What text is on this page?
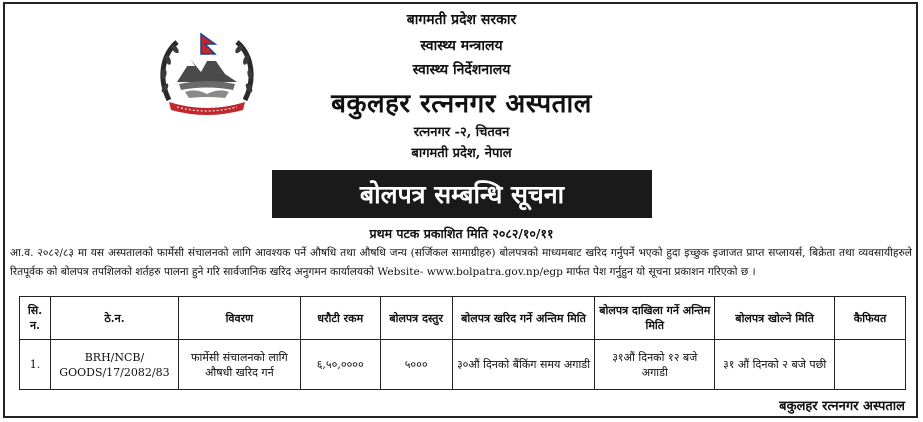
बागमती प्रदेश सरकार
स्वास्थ्य मन्त्रालय
स्वास्थ्य निर्देशनालय
बकुलहर रत्ननगर अस्पताल
रत्ननगर -२, चितवन
बागमती प्रदेश, नेपाल
बोलपत्र सम्बन्धि सूचना
प्रथम पटक प्रकाशित मिति २०८२/१०/११
आ.व. २०८२/८३ मा यस अस्पतालको फार्मेसी संचालनको लागि आवश्यक पर्ने औषधि तथा औषधि जन्य (सर्जिकल सामाग्रीहरु) बोलपत्रको माध्यमबाट खरिद गर्नुपर्ने भएको हुदा इच्छुक इजाजत प्राप्त सप्लायर्स, बिक्रेता तथा व्यवसायीहरुले रितपूर्वक को बोलपत्र तपशिलको शर्तहरु पालना हुने गरि सार्वजानिक खरिद अनुगमन कार्यालयको Website- www.bolpatra.gov.np/egp मार्फत पेश गर्नुहुन यो सूचना प्रकाशन गरिएको छ ।
सि. न.	ठे.न.	विवरण	धरौटी रकम	बोलपत्र दस्तुर	बोलपत्र खरिद गर्ने अन्तिम मिति	बोलपत्र दाखिला गर्ने अन्तिम मिति	बोलपत्र खोल्ने मिति	कैफियत
1.	BRH/NCB/ GOODS/17/2082/83	फार्मेसी संचालनको लागि औषधी खरिद गर्न	६,५०,००००	५०००	३०औं दिनको बैंकिंग समय अगाडी	३१औं दिनको १२ बजे अगाडी	३१ औं दिनको २ बजे पछी	
बकुलहर रत्ननगर अस्पताल
